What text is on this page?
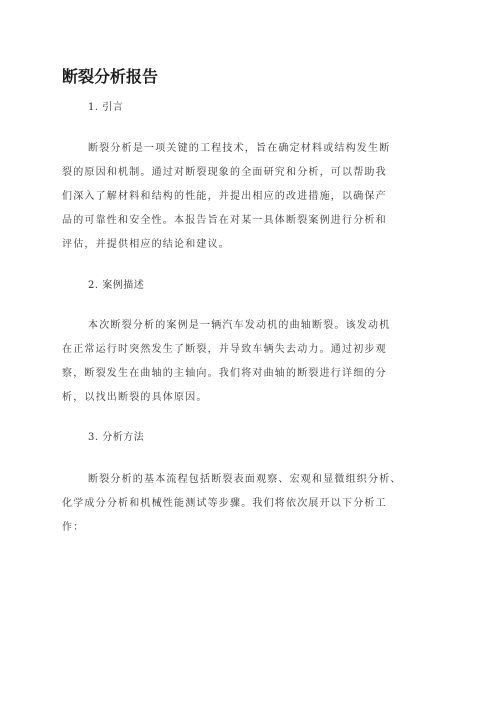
断裂分析报告
1. 引言
断裂分析是一项关键的工程技术，旨在确定材料或结构发生断
裂的原因和机制。通过对断裂现象的全面研究和分析，可以帮助我
们深入了解材料和结构的性能，并提出相应的改进措施，以确保产
品的可靠性和安全性。本报告旨在对某一具体断裂案例进行分析和
评估，并提供相应的结论和建议。
2. 案例描述
本次断裂分析的案例是一辆汽车发动机的曲轴断裂。该发动机
在正常运行时突然发生了断裂，并导致车辆失去动力。通过初步观
察，断裂发生在曲轴的主轴向。我们将对曲轴的断裂进行详细的分
析，以找出断裂的具体原因。
3. 分析方法
断裂分析的基本流程包括断裂表面观察、宏观和显微组织分析、
化学成分分析和机械性能测试等步骤。我们将依次展开以下分析工
作：
